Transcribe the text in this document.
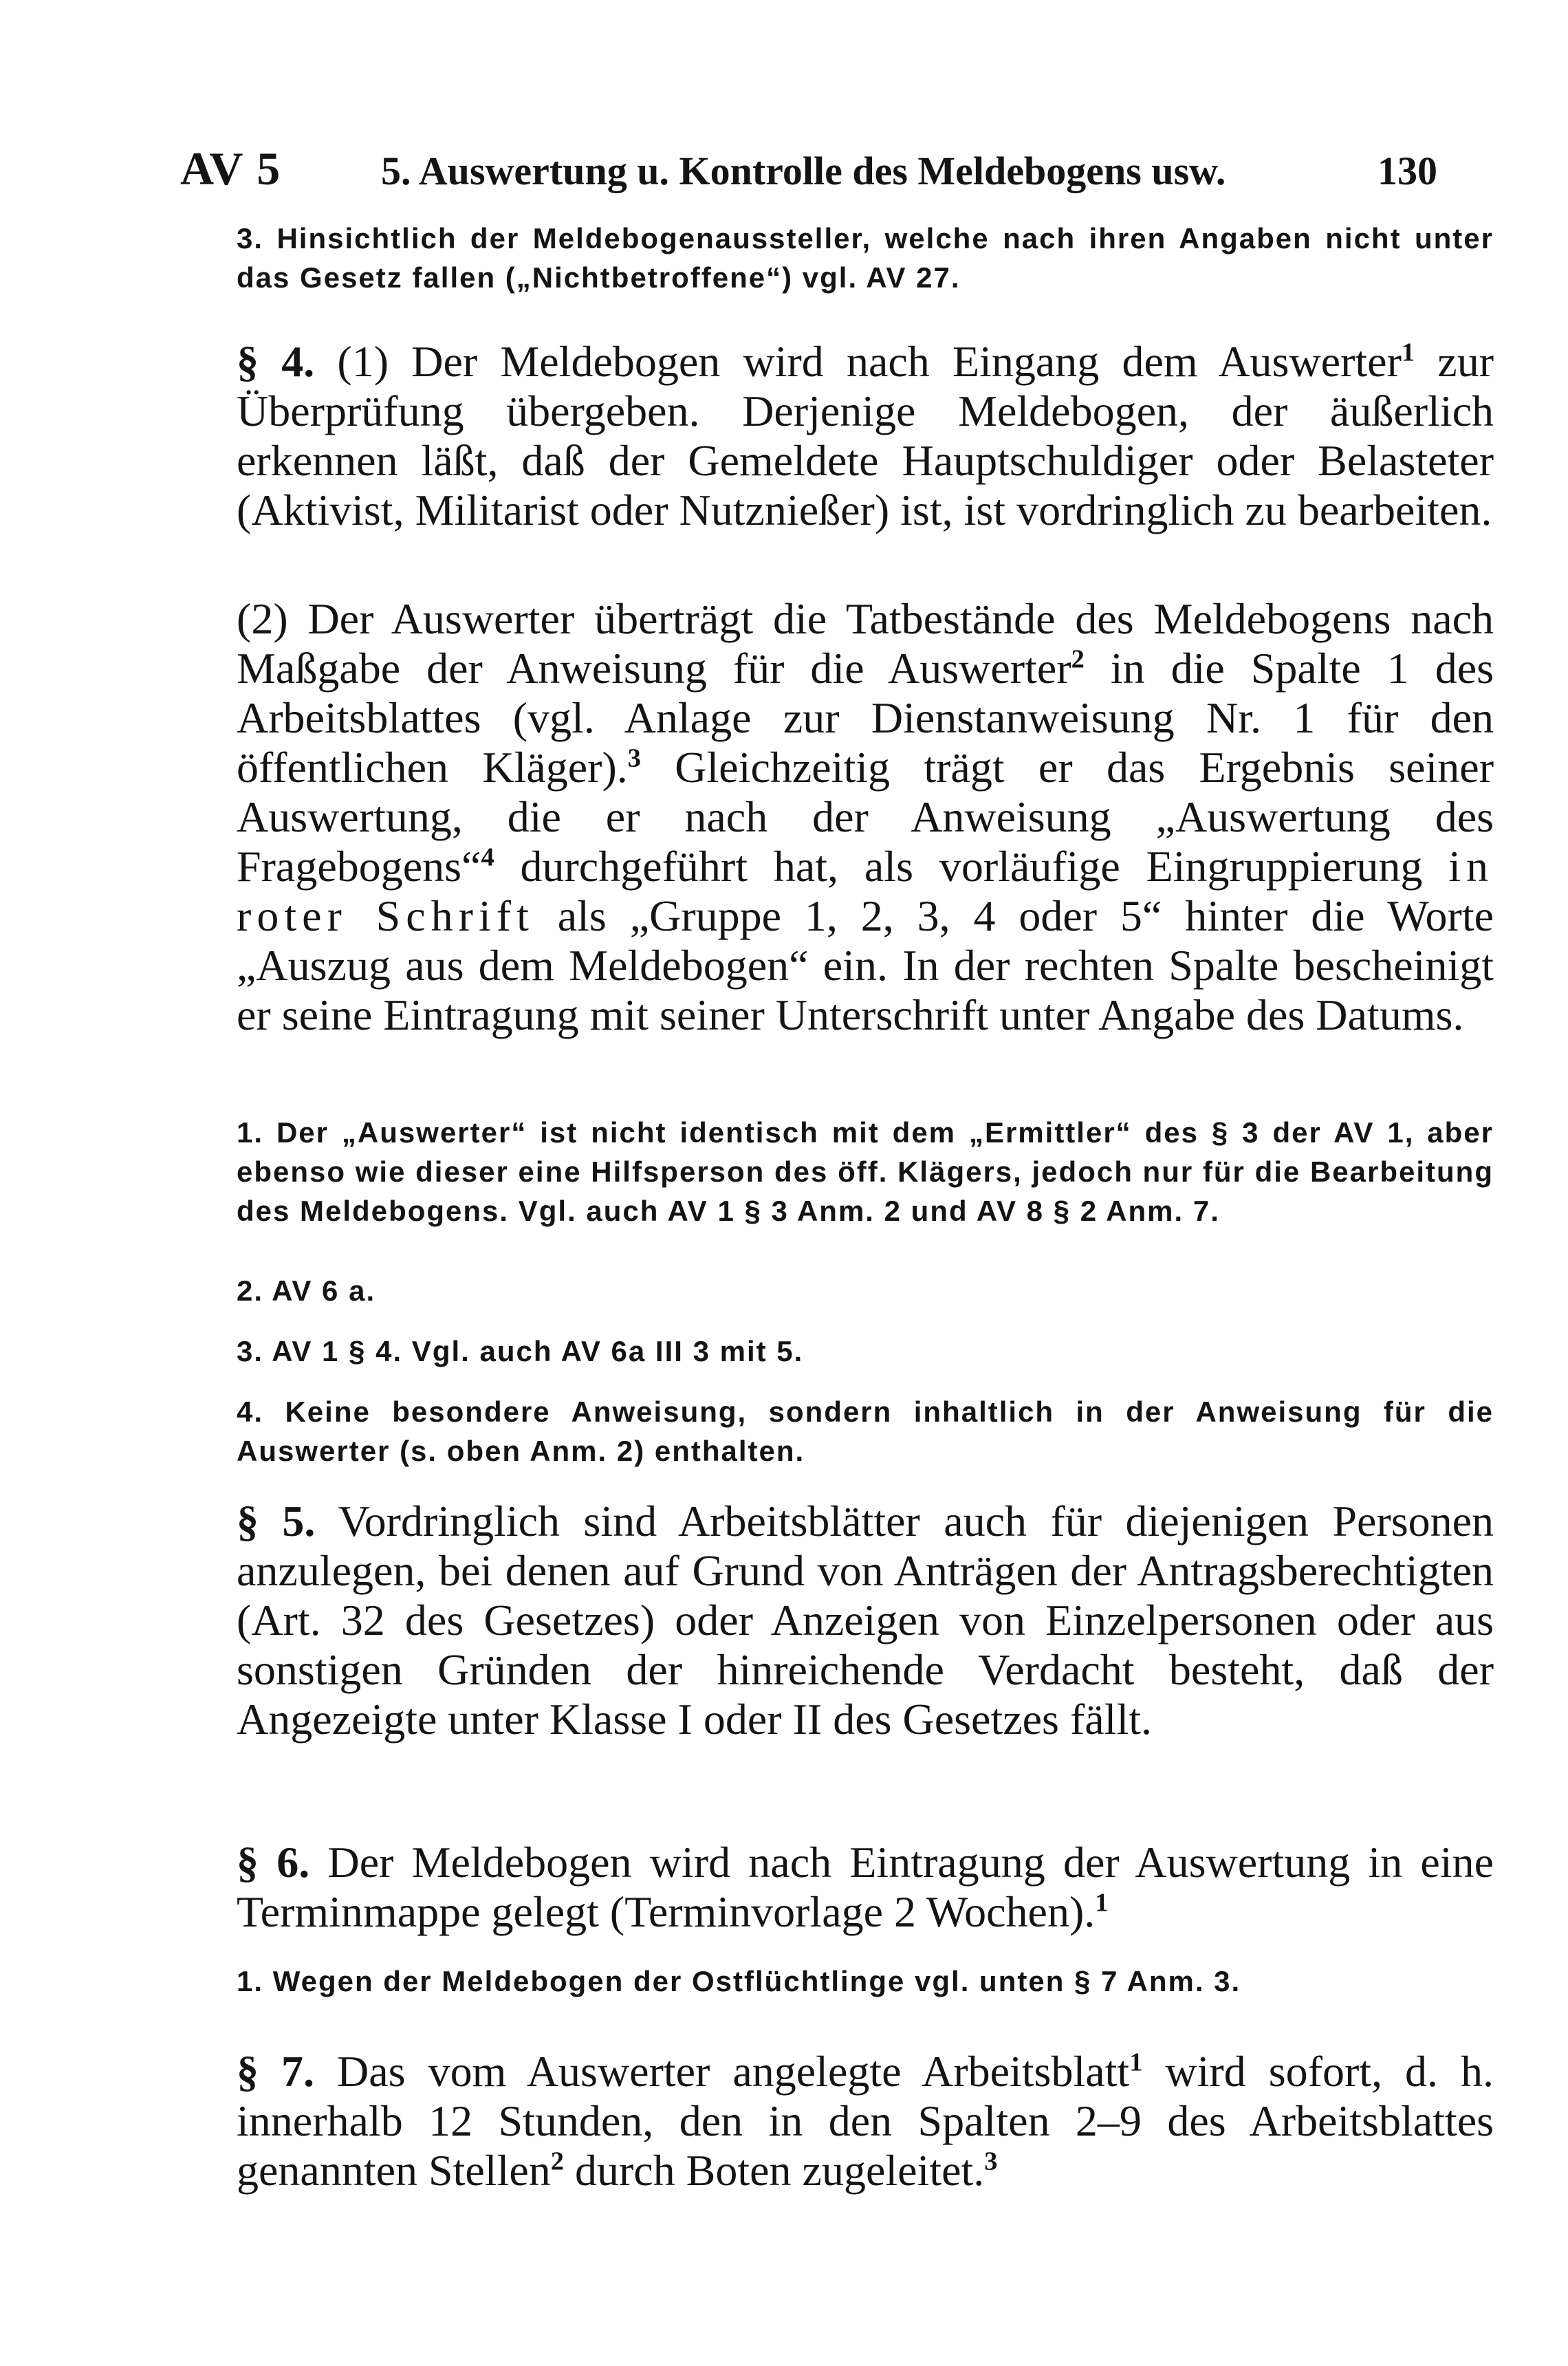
AV 5 5. Auswertung u. Kontrolle des Meldebogens usw.	130

3. Hinsichtlich der Meldebogenaussteller, welche nach ihren Angaben nicht unter das Gesetz fallen („Nichtbetroffene“) vgl. AV 27.

§ 4. (1) Der Meldebogen wird nach Eingang dem Auswerter$^1$ zur Überprüfung übergeben. Derjenige Meldebogen, der äußerlich erkennen läßt, daß der Gemeldete Hauptschuldiger oder Belasteter (Aktivist, Militarist oder Nutznießer) ist, ist vordringlich zu bearbeiten.

(2) Der Auswerter überträgt die Tatbestände des Meldebogens nach Maßgabe der Anweisung für die Auswerter$^2$ in die Spalte 1 des Arbeitsblattes (vgl. Anlage zur Dienstanweisung Nr. 1 für den öffentlichen Kläger).$^3$ Gleichzeitig trägt er das Ergebnis seiner Auswertung, die er nach der Anweisung „Auswertung des Fragebogens“$^4$ durchgeführt hat, als vorläufige Eingruppierung in roter Schrift als „Gruppe 1, 2, 3, 4 oder 5“ hinter die Worte „Auszug aus dem Meldebogen“ ein. In der rechten Spalte bescheinigt er seine Eintragung mit seiner Unterschrift unter Angabe des Datums.

1. Der „Auswerter“ ist nicht identisch mit dem „Ermittler“ des § 3 der AV 1, aber ebenso wie dieser eine Hilfsperson des öff. Klägers, jedoch nur für die Bearbeitung des Meldebogens. Vgl. auch AV 1 § 3 Anm. 2 und AV 8 § 2 Anm. 7.

2. AV 6 a.

3. AV 1 § 4. Vgl. auch AV 6a III 3 mit 5.

4. Keine besondere Anweisung, sondern inhaltlich in der Anweisung für die Auswerter (s. oben Anm. 2) enthalten.

§ 5. Vordringlich sind Arbeitsblätter auch für diejenigen Personen anzulegen, bei denen auf Grund von Anträgen der Antragsberechtigten (Art. 32 des Gesetzes) oder Anzeigen von Einzelpersonen oder aus sonstigen Gründen der hinreichende Verdacht besteht, daß der Angezeigte unter Klasse I oder II des Gesetzes fällt.

§ 6. Der Meldebogen wird nach Eintragung der Auswertung in eine Terminmappe gelegt (Terminvorlage 2 Wochen).$^1$

1. Wegen der Meldebogen der Ostflüchtlinge vgl. unten § 7 Anm. 3.

§ 7. Das vom Auswerter angelegte Arbeitsblatt$^1$ wird sofort, d. h. innerhalb 12 Stunden, den in den Spalten 2–9 des Arbeitsblattes genannten Stellen$^2$ durch Boten zugeleitet.$^3$
